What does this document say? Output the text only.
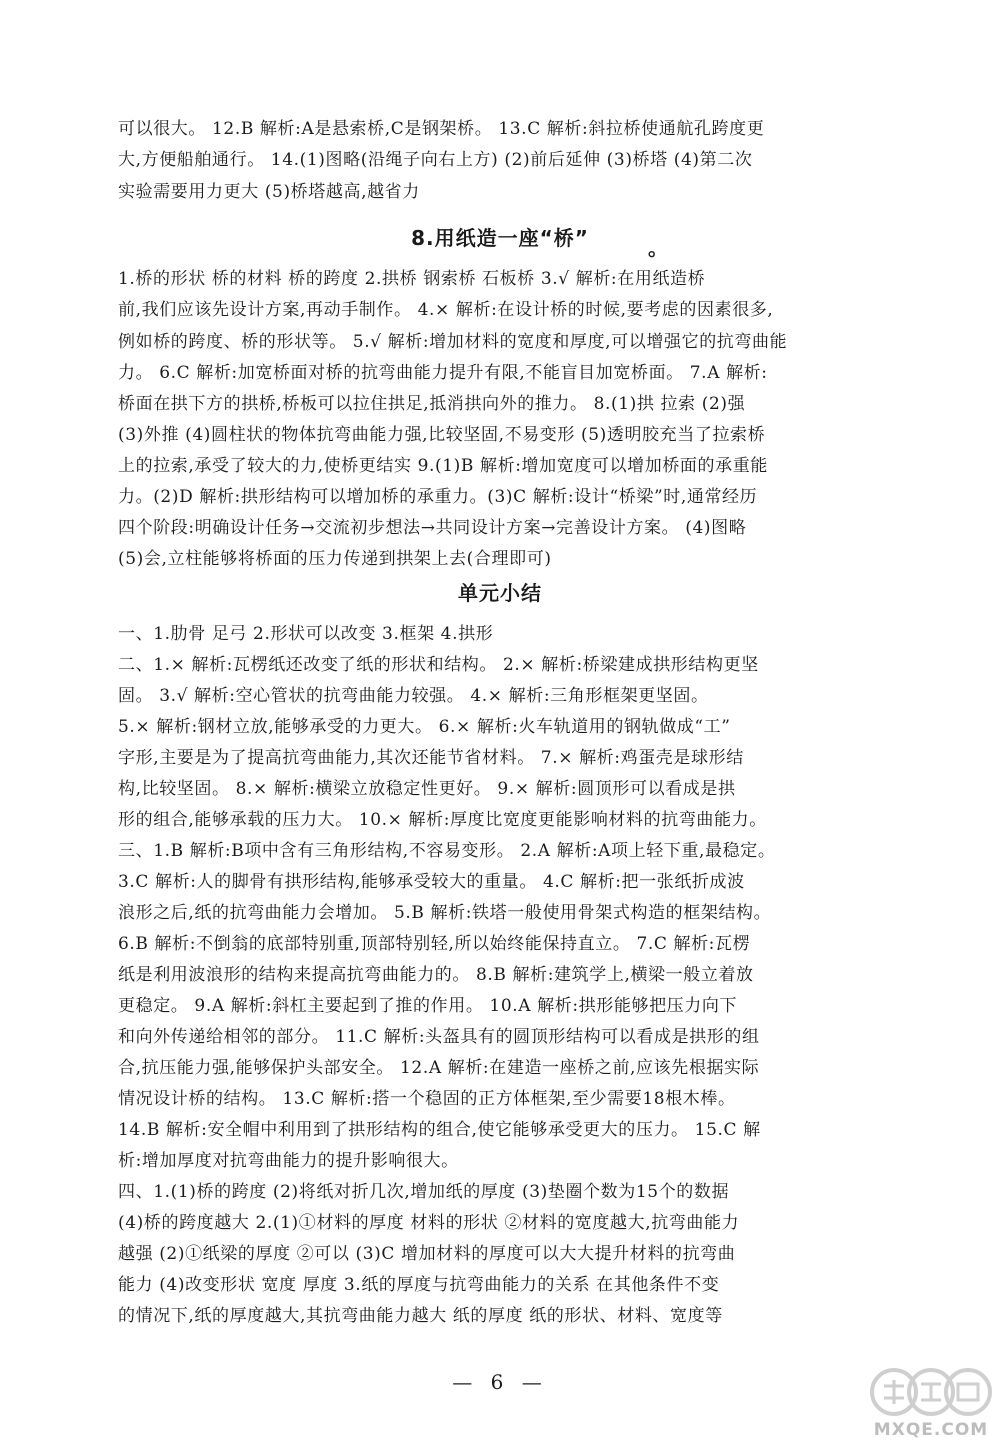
可以很大。 12.B 解析:A是悬索桥,C是钢架桥。 13.C 解析:斜拉桥使通航孔跨度更
大,方便船舶通行。 14.(1)图略(沿绳子向右上方) (2)前后延伸 (3)桥塔 (4)第二次
实验需要用力更大 (5)桥塔越高,越省力
8.用纸造一座“桥”	。
1.桥的形状 桥的材料 桥的跨度 2.拱桥 钢索桥 石板桥 3.√ 解析:在用纸造桥
前,我们应该先设计方案,再动手制作。 4.× 解析:在设计桥的时候,要考虑的因素很多,
例如桥的跨度、桥的形状等。 5.√ 解析:增加材料的宽度和厚度,可以增强它的抗弯曲能
力。 6.C 解析:加宽桥面对桥的抗弯曲能力提升有限,不能盲目加宽桥面。 7.A 解析:
桥面在拱下方的拱桥,桥板可以拉住拱足,抵消拱向外的推力。 8.(1)拱 拉索 (2)强
(3)外推 (4)圆柱状的物体抗弯曲能力强,比较坚固,不易变形 (5)透明胶充当了拉索桥
上的拉索,承受了较大的力,使桥更结实 9.(1)B 解析:增加宽度可以增加桥面的承重能
力。(2)D 解析:拱形结构可以增加桥的承重力。(3)C 解析:设计“桥梁”时,通常经历
四个阶段:明确设计任务→交流初步想法→共同设计方案→完善设计方案。 (4)图略
(5)会,立柱能够将桥面的压力传递到拱架上去(合理即可)
单元小结
一、1.肋骨 足弓 2.形状可以改变 3.框架 4.拱形
二、1.× 解析:瓦楞纸还改变了纸的形状和结构。 2.× 解析:桥梁建成拱形结构更坚
固。 3.√ 解析:空心管状的抗弯曲能力较强。 4.× 解析:三角形框架更坚固。
5.× 解析:钢材立放,能够承受的力更大。 6.× 解析:火车轨道用的钢轨做成“工”
字形,主要是为了提高抗弯曲能力,其次还能节省材料。 7.× 解析:鸡蛋壳是球形结
构,比较坚固。 8.× 解析:横梁立放稳定性更好。 9.× 解析:圆顶形可以看成是拱
形的组合,能够承载的压力大。 10.× 解析:厚度比宽度更能影响材料的抗弯曲能力。
三、1.B 解析:B项中含有三角形结构,不容易变形。 2.A 解析:A项上轻下重,最稳定。
3.C 解析:人的脚骨有拱形结构,能够承受较大的重量。 4.C 解析:把一张纸折成波
浪形之后,纸的抗弯曲能力会增加。 5.B 解析:铁塔一般使用骨架式构造的框架结构。
6.B 解析:不倒翁的底部特别重,顶部特别轻,所以始终能保持直立。 7.C 解析:瓦楞
纸是利用波浪形的结构来提高抗弯曲能力的。 8.B 解析:建筑学上,横梁一般立着放
更稳定。 9.A 解析:斜杠主要起到了推的作用。 10.A 解析:拱形能够把压力向下
和向外传递给相邻的部分。 11.C 解析:头盔具有的圆顶形结构可以看成是拱形的组
合,抗压能力强,能够保护头部安全。 12.A 解析:在建造一座桥之前,应该先根据实际
情况设计桥的结构。 13.C 解析:搭一个稳固的正方体框架,至少需要18根木棒。
14.B 解析:安全帽中利用到了拱形结构的组合,使它能够承受更大的压力。 15.C 解
析:增加厚度对抗弯曲能力的提升影响很大。
四、1.(1)桥的跨度 (2)将纸对折几次,增加纸的厚度 (3)垫圈个数为15个的数据
(4)桥的跨度越大 2.(1)①材料的厚度 材料的形状 ②材料的宽度越大,抗弯曲能力
越强 (2)①纸梁的厚度 ②可以 (3)C 增加材料的厚度可以大大提升材料的抗弯曲
能力 (4)改变形状 宽度 厚度 3.纸的厚度与抗弯曲能力的关系 在其他条件不变
的情况下,纸的厚度越大,其抗弯曲能力越大 纸的厚度 纸的形状、材料、宽度等
— 6 —
MXQE.COM
